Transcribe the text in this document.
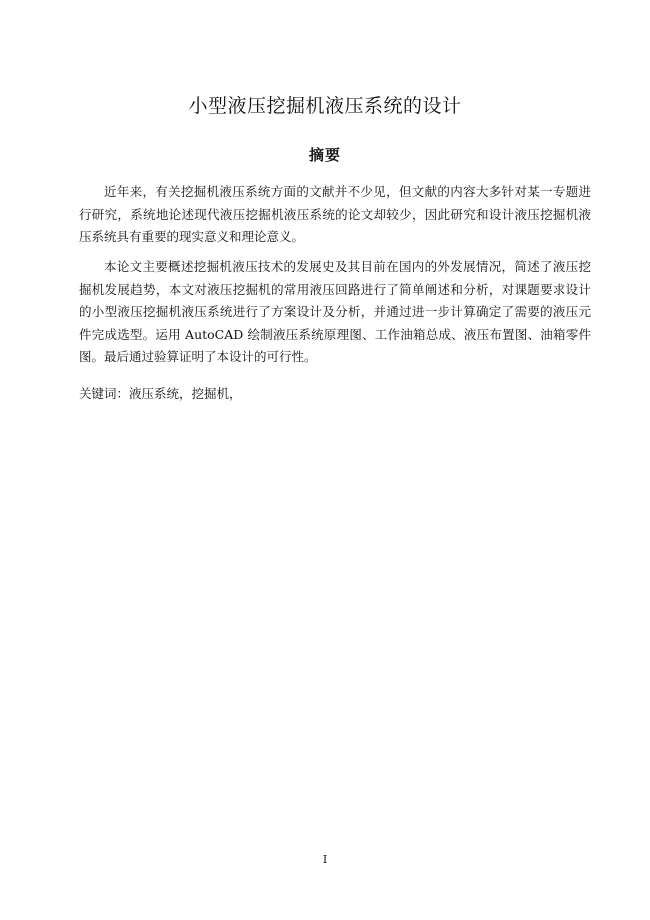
小型液压挖掘机液压系统的设计
摘要

近年来，有关挖掘机液压系统方面的文献并不少见，但文献的内容大多针对某一专题进行研究，系统地论述现代液压挖掘机液压系统的论文却较少，因此研究和设计液压挖掘机液压系统具有重要的现实意义和理论意义。

本论文主要概述挖掘机液压技术的发展史及其目前在国内的外发展情况，简述了液压挖掘机发展趋势，本文对液压挖掘机的常用液压回路进行了简单阐述和分析，对课题要求设计的小型液压挖掘机液压系统进行了方案设计及分析，并通过进一步计算确定了需要的液压元件完成选型。运用 AutoCAD 绘制液压系统原理图、工作油箱总成、液压布置图、油箱零件图。最后通过验算证明了本设计的可行性。

关键词：液压系统，挖掘机，
I
